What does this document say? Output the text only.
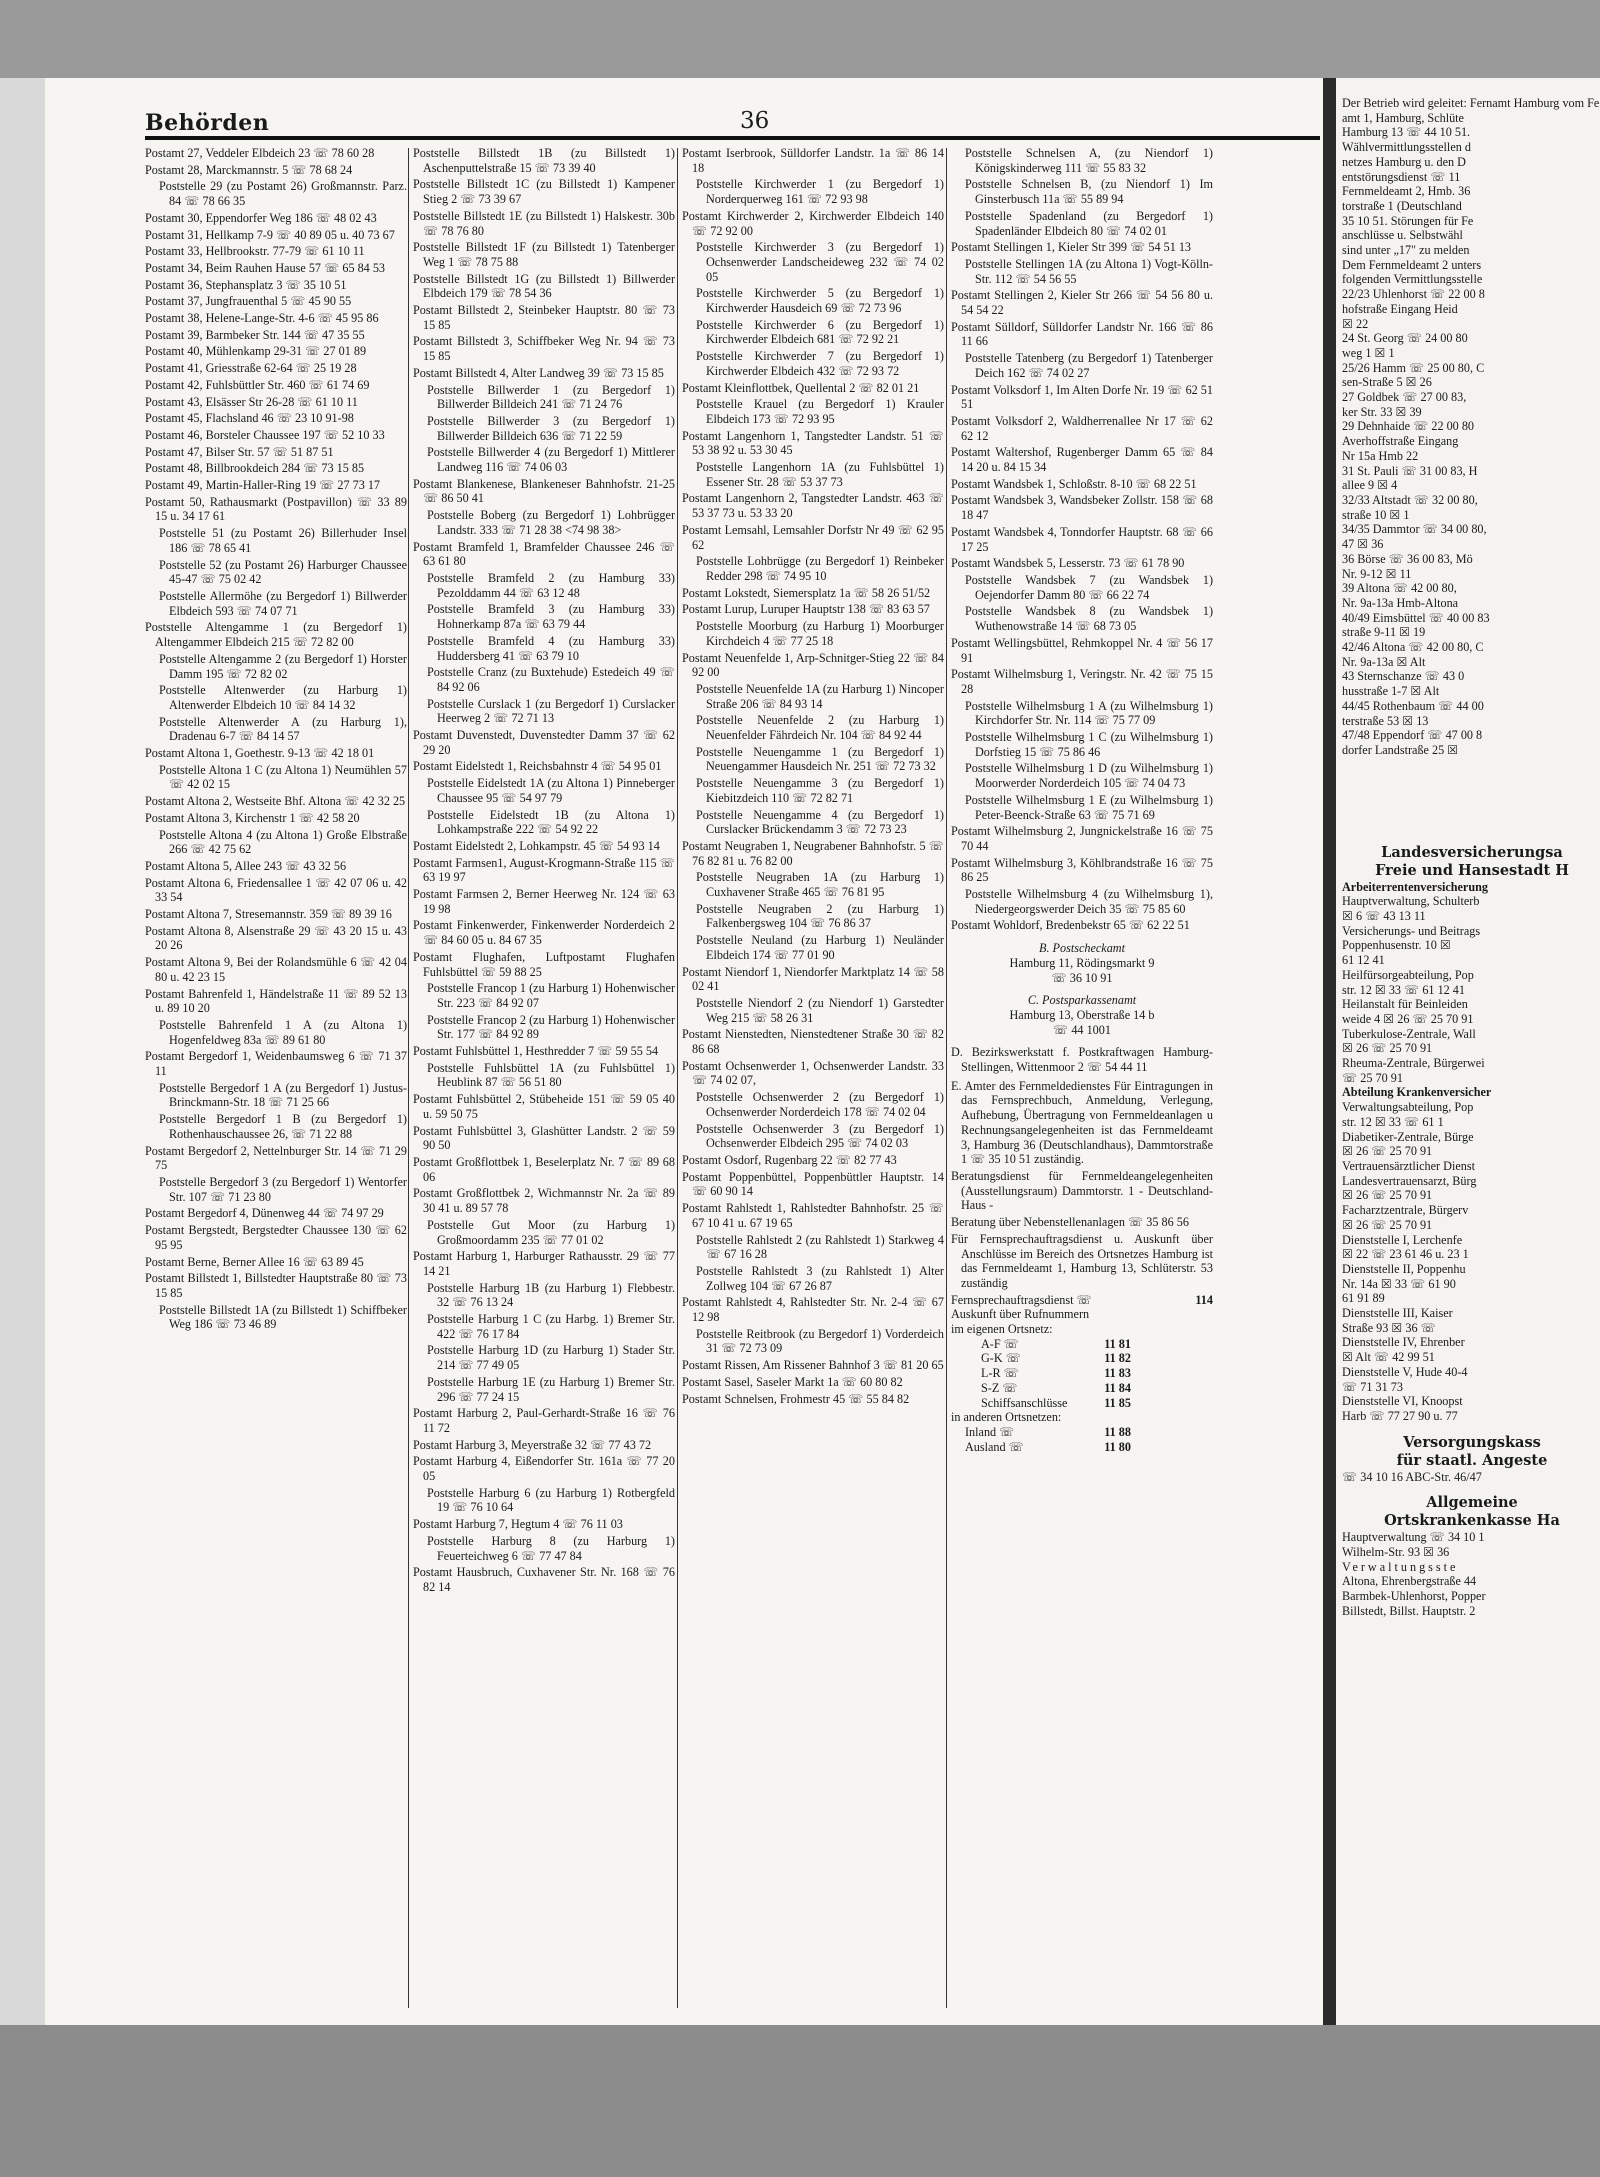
Behörden	36
Postamt 27, Veddeler Elbdeich 23 ☏ 78 60 28
Postamt 28, Marckmannstr. 5 ☏ 78 68 24
Poststelle 29 (zu Postamt 26) Großmannstr. Parz. 84 ☏ 78 66 35
Postamt 30, Eppendorfer Weg 186 ☏ 48 02 43
Postamt 31, Hellkamp 7-9 ☏ 40 89 05 u. 40 73 67
Postamt 33, Hellbrookstr. 77-79 ☏ 61 10 11
Postamt 34, Beim Rauhen Hause 57 ☏ 65 84 53
Postamt 36, Stephansplatz 3 ☏ 35 10 51
Postamt 37, Jungfrauenthal 5 ☏ 45 90 55
Postamt 38, Helene-Lange-Str. 4-6 ☏ 45 95 86
Postamt 39, Barmbeker Str. 144 ☏ 47 35 55
Postamt 40, Mühlenkamp 29-31 ☏ 27 01 89
Postamt 41, Griesstraße 62-64 ☏ 25 19 28
Postamt 42, Fuhlsbüttler Str. 460 ☏ 61 74 69
Postamt 43, Elsässer Str 26-28 ☏ 61 10 11
Postamt 45, Flachsland 46 ☏ 23 10 91-98
Postamt 46, Borsteler Chaussee 197 ☏ 52 10 33
Postamt 47, Bilser Str. 57 ☏ 51 87 51
Postamt 48, Billbrookdeich 284 ☏ 73 15 85
Postamt 49, Martin-Haller-Ring 19 ☏ 27 73 17
Postamt 50, Rathausmarkt (Postpavillon) ☏ 33 89 15 u. 34 17 61
Poststelle 51 (zu Postamt 26) Billerhuder Insel 186 ☏ 78 65 41
Poststelle 52 (zu Postamt 26) Harburger Chaussee 45-47 ☏ 75 02 42
Poststelle Allermöhe (zu Bergedorf 1) Billwerder Elbdeich 593 ☏ 74 07 71
Poststelle Altengamme 1 (zu Bergedorf 1) Altengammer Elbdeich 215 ☏ 72 82 00
Poststelle Altengamme 2 (zu Bergedorf 1) Horster Damm 195 ☏ 72 82 02
Poststelle Altenwerder (zu Harburg 1) Altenwerder Elbdeich 10 ☏ 84 14 32
Poststelle Altenwerder A (zu Harburg 1), Dradenau 6-7 ☏ 84 14 57
Postamt Altona 1, Goethestr. 9-13 ☏ 42 18 01
Poststelle Altona 1 C (zu Altona 1) Neumühlen 57 ☏ 42 02 15
Postamt Altona 2, Westseite Bhf. Altona ☏ 42 32 25
Postamt Altona 3, Kirchenstr 1 ☏ 42 58 20
Poststelle Altona 4 (zu Altona 1) Große Elbstraße 266 ☏ 42 75 62
Postamt Altona 5, Allee 243 ☏ 43 32 56
Postamt Altona 6, Friedensallee 1 ☏ 42 07 06 u. 42 33 54
Postamt Altona 7, Stresemannstr. 359 ☏ 89 39 16
Postamt Altona 8, Alsenstraße 29 ☏ 43 20 15 u. 43 20 26
Postamt Altona 9, Bei der Rolandsmühle 6 ☏ 42 04 80 u. 42 23 15
Postamt Bahrenfeld 1, Händelstraße 11 ☏ 89 52 13 u. 89 10 20
Poststelle Bahrenfeld 1 A (zu Altona 1) Hogenfeldweg 83a ☏ 89 61 80
Postamt Bergedorf 1, Weidenbaumsweg 6 ☏ 71 37 11
Poststelle Bergedorf 1 A (zu Bergedorf 1) Justus-Brinckmann-Str. 18 ☏ 71 25 66
Poststelle Bergedorf 1 B (zu Bergedorf 1) Rothenhauschaussee 26, ☏ 71 22 88
Postamt Bergedorf 2, Nettelnburger Str. 14 ☏ 71 29 75
Poststelle Bergedorf 3 (zu Bergedorf 1) Wentorfer Str. 107 ☏ 71 23 80
Postamt Bergedorf 4, Dünenweg 44 ☏ 74 97 29
Postamt Bergstedt, Bergstedter Chaussee 130 ☏ 62 95 95
Postamt Berne, Berner Allee 16 ☏ 63 89 45
Postamt Billstedt 1, Billstedter Hauptstraße 80 ☏ 73 15 85
Poststelle Billstedt 1A (zu Billstedt 1) Schiffbeker Weg 186 ☏ 73 46 89
Poststelle Billstedt 1B (zu Billstedt 1) Aschenputtelstraße 15 ☏ 73 39 40
Poststelle Billstedt 1C (zu Billstedt 1) Kampener Stieg 2 ☏ 73 39 67
Poststelle Billstedt 1E (zu Billstedt 1) Halskestr. 30b ☏ 78 76 80
Poststelle Billstedt 1F (zu Billstedt 1) Tatenberger Weg 1 ☏ 78 75 88
Poststelle Billstedt 1G (zu Billstedt 1) Billwerder Elbdeich 179 ☏ 78 54 36
Postamt Billstedt 2, Steinbeker Hauptstr. 80 ☏ 73 15 85
Postamt Billstedt 3, Schiffbeker Weg Nr. 94 ☏ 73 15 85
Postamt Billstedt 4, Alter Landweg 39 ☏ 73 15 85
Poststelle Billwerder 1 (zu Bergedorf 1) Billwerder Billdeich 241 ☏ 71 24 76
Poststelle Billwerder 3 (zu Bergedorf 1) Billwerder Billdeich 636 ☏ 71 22 59
Poststelle Billwerder 4 (zu Bergedorf 1) Mittlerer Landweg 116 ☏ 74 06 03
Postamt Blankenese, Blankeneser Bahnhofstr. 21-25 ☏ 86 50 41
Poststelle Boberg (zu Bergedorf 1) Lohbrügger Landstr. 333 ☏ 71 28 38 <74 98 38>
Postamt Bramfeld 1, Bramfelder Chaussee 246 ☏ 63 61 80
Poststelle Bramfeld 2 (zu Hamburg 33) Pezolddamm 44 ☏ 63 12 48
Poststelle Bramfeld 3 (zu Hamburg 33) Hohnerkamp 87a ☏ 63 79 44
Poststelle Bramfeld 4 (zu Hamburg 33) Huddersberg 41 ☏ 63 79 10
Poststelle Cranz (zu Buxtehude) Estedeich 49 ☏ 84 92 06
Poststelle Curslack 1 (zu Bergedorf 1) Curslacker Heerweg 2 ☏ 72 71 13
Postamt Duvenstedt, Duvenstedter Damm 37 ☏ 62 29 20
Postamt Eidelstedt 1, Reichsbahnstr 4 ☏ 54 95 01
Poststelle Eidelstedt 1A (zu Altona 1) Pinneberger Chaussee 95 ☏ 54 97 79
Poststelle Eidelstedt 1B (zu Altona 1) Lohkampstraße 222 ☏ 54 92 22
Postamt Eidelstedt 2, Lohkampstr. 45 ☏ 54 93 14
Postamt Farmsen1, August-Krogmann-Straße 115 ☏ 63 19 97
Postamt Farmsen 2, Berner Heerweg Nr. 124 ☏ 63 19 98
Postamt Finkenwerder, Finkenwerder Norderdeich 2 ☏ 84 60 05 u. 84 67 35
Postamt Flughafen, Luftpostamt Flughafen Fuhlsbüttel ☏ 59 88 25
Poststelle Francop 1 (zu Harburg 1) Hohenwischer Str. 223 ☏ 84 92 07
Poststelle Francop 2 (zu Harburg 1) Hohenwischer Str. 177 ☏ 84 92 89
Postamt Fuhlsbüttel 1, Hesthredder 7 ☏ 59 55 54
Poststelle Fuhlsbüttel 1A (zu Fuhlsbüttel 1) Heublink 87 ☏ 56 51 80
Postamt Fuhlsbüttel 2, Stübeheide 151 ☏ 59 05 40 u. 59 50 75
Postamt Fuhlsbüttel 3, Glashütter Landstr. 2 ☏ 59 90 50
Postamt Großflottbek 1, Beselerplatz Nr. 7 ☏ 89 68 06
Postamt Großflottbek 2, Wichmannstr Nr. 2a ☏ 89 30 41 u. 89 57 78
Poststelle Gut Moor (zu Harburg 1) Großmoordamm 235 ☏ 77 01 02
Postamt Harburg 1, Harburger Rathausstr. 29 ☏ 77 14 21
Poststelle Harburg 1B (zu Harburg 1) Flebbestr. 32 ☏ 76 13 24
Poststelle Harburg 1 C (zu Harbg. 1) Bremer Str. 422 ☏ 76 17 84
Poststelle Harburg 1D (zu Harburg 1) Stader Str. 214 ☏ 77 49 05
Poststelle Harburg 1E (zu Harburg 1) Bremer Str. 296 ☏ 77 24 15
Postamt Harburg 2, Paul-Gerhardt-Straße 16 ☏ 76 11 72
Postamt Harburg 3, Meyerstraße 32 ☏ 77 43 72
Postamt Harburg 4, Eißendorfer Str. 161a ☏ 77 20 05
Poststelle Harburg 6 (zu Harburg 1) Rotbergfeld 19 ☏ 76 10 64
Postamt Harburg 7, Hegtum 4 ☏ 76 11 03
Poststelle Harburg 8 (zu Harburg 1) Feuerteichweg 6 ☏ 77 47 84
Postamt Hausbruch, Cuxhavener Str. Nr. 168 ☏ 76 82 14
Postamt Iserbrook, Sülldorfer Landstr. 1a ☏ 86 14 18
Poststelle Kirchwerder 1 (zu Bergedorf 1) Norderquerweg 161 ☏ 72 93 98
Postamt Kirchwerder 2, Kirchwerder Elbdeich 140 ☏ 72 92 00
Poststelle Kirchwerder 3 (zu Bergedorf 1) Ochsenwerder Landscheideweg 232 ☏ 74 02 05
Poststelle Kirchwerder 5 (zu Bergedorf 1) Kirchwerder Hausdeich 69 ☏ 72 73 96
Poststelle Kirchwerder 6 (zu Bergedorf 1) Kirchwerder Elbdeich 681 ☏ 72 92 21
Poststelle Kirchwerder 7 (zu Bergedorf 1) Kirchwerder Elbdeich 432 ☏ 72 93 72
Postamt Kleinflottbek, Quellental 2 ☏ 82 01 21
Poststelle Krauel (zu Bergedorf 1) Krauler Elbdeich 173 ☏ 72 93 95
Postamt Langenhorn 1, Tangstedter Landstr. 51 ☏ 53 38 92 u. 53 30 45
Poststelle Langenhorn 1A (zu Fuhlsbüttel 1) Essener Str. 28 ☏ 53 37 73
Postamt Langenhorn 2, Tangstedter Landstr. 463 ☏ 53 37 73 u. 53 33 20
Postamt Lemsahl, Lemsahler Dorfstr Nr 49 ☏ 62 95 62
Poststelle Lohbrügge (zu Bergedorf 1) Reinbeker Redder 298 ☏ 74 95 10
Postamt Lokstedt, Siemersplatz 1a ☏ 58 26 51/52
Postamt Lurup, Luruper Hauptstr 138 ☏ 83 63 57
Poststelle Moorburg (zu Harburg 1) Moorburger Kirchdeich 4 ☏ 77 25 18
Postamt Neuenfelde 1, Arp-Schnitger-Stieg 22 ☏ 84 92 00
Poststelle Neuenfelde 1A (zu Harburg 1) Nincoper Straße 206 ☏ 84 93 14
Poststelle Neuenfelde 2 (zu Harburg 1) Neuenfelder Fährdeich Nr. 104 ☏ 84 92 44
Poststelle Neuengamme 1 (zu Bergedorf 1) Neuengammer Hausdeich Nr. 251 ☏ 72 73 32
Poststelle Neuengamme 3 (zu Bergedorf 1) Kiebitzdeich 110 ☏ 72 82 71
Poststelle Neuengamme 4 (zu Bergedorf 1) Curslacker Brückendamm 3 ☏ 72 73 23
Postamt Neugraben 1, Neugrabener Bahnhofstr. 5 ☏ 76 82 81 u. 76 82 00
Poststelle Neugraben 1A (zu Harburg 1) Cuxhavener Straße 465 ☏ 76 81 95
Poststelle Neugraben 2 (zu Harburg 1) Falkenbergsweg 104 ☏ 76 86 37
Poststelle Neuland (zu Harburg 1) Neuländer Elbdeich 174 ☏ 77 01 90
Postamt Niendorf 1, Niendorfer Marktplatz 14 ☏ 58 02 41
Poststelle Niendorf 2 (zu Niendorf 1) Garstedter Weg 215 ☏ 58 26 31
Postamt Nienstedten, Nienstedtener Straße 30 ☏ 82 86 68
Postamt Ochsenwerder 1, Ochsenwerder Landstr. 33 ☏ 74 02 07,
Poststelle Ochsenwerder 2 (zu Bergedorf 1) Ochsenwerder Norderdeich 178 ☏ 74 02 04
Poststelle Ochsenwerder 3 (zu Bergedorf 1) Ochsenwerder Elbdeich 295 ☏ 74 02 03
Postamt Osdorf, Rugenbarg 22 ☏ 82 77 43
Postamt Poppenbüttel, Poppenbüttler Hauptstr. 14 ☏ 60 90 14
Postamt Rahlstedt 1, Rahlstedter Bahnhofstr. 25 ☏ 67 10 41 u. 67 19 65
Poststelle Rahlstedt 2 (zu Rahlstedt 1) Starkweg 4 ☏ 67 16 28
Poststelle Rahlstedt 3 (zu Rahlstedt 1) Alter Zollweg 104 ☏ 67 26 87
Postamt Rahlstedt 4, Rahlstedter Str. Nr. 2-4 ☏ 67 12 98
Poststelle Reitbrook (zu Bergedorf 1) Vorderdeich 31 ☏ 72 73 09
Postamt Rissen, Am Rissener Bahnhof 3 ☏ 81 20 65
Postamt Sasel, Saseler Markt 1a ☏ 60 80 82
Postamt Schnelsen, Frohmestr 45 ☏ 55 84 82
Poststelle Schnelsen A, (zu Niendorf 1) Königskinderweg 111 ☏ 55 83 32
Poststelle Schnelsen B, (zu Niendorf 1) Im Ginsterbusch 11a ☏ 55 89 94
Poststelle Spadenland (zu Bergedorf 1) Spadenländer Elbdeich 80 ☏ 74 02 01
Postamt Stellingen 1, Kieler Str 399 ☏ 54 51 13
Poststelle Stellingen 1A (zu Altona 1) Vogt-Kölln-Str. 112 ☏ 54 56 55
Postamt Stellingen 2, Kieler Str 266 ☏ 54 56 80 u. 54 54 22
Postamt Sülldorf, Sülldorfer Landstr Nr. 166 ☏ 86 11 66
Poststelle Tatenberg (zu Bergedorf 1) Tatenberger Deich 162 ☏ 74 02 27
Postamt Volksdorf 1, Im Alten Dorfe Nr. 19 ☏ 62 51 51
Postamt Volksdorf 2, Waldherrenallee Nr 17 ☏ 62 62 12
Postamt Waltershof, Rugenberger Damm 65 ☏ 84 14 20 u. 84 15 34
Postamt Wandsbek 1, Schloßstr. 8-10 ☏ 68 22 51
Postamt Wandsbek 3, Wandsbeker Zollstr. 158 ☏ 68 18 47
Postamt Wandsbek 4, Tonndorfer Hauptstr. 68 ☏ 66 17 25
Postamt Wandsbek 5, Lesserstr. 73 ☏ 61 78 90
Poststelle Wandsbek 7 (zu Wandsbek 1) Oejendorfer Damm 80 ☏ 66 22 74
Poststelle Wandsbek 8 (zu Wandsbek 1) Wuthenowstraße 14 ☏ 68 73 05
Postamt Wellingsbüttel, Rehmkoppel Nr. 4 ☏ 56 17 91
Postamt Wilhelmsburg 1, Veringstr. Nr. 42 ☏ 75 15 28
Poststelle Wilhelmsburg 1 A (zu Wilhelmsburg 1) Kirchdorfer Str. Nr. 114 ☏ 75 77 09
Poststelle Wilhelmsburg 1 C (zu Wilhelmsburg 1) Dorfstieg 15 ☏ 75 86 46
Poststelle Wilhelmsburg 1 D (zu Wilhelmsburg 1) Moorwerder Norderdeich 105 ☏ 74 04 73
Poststelle Wilhelmsburg 1 E (zu Wilhelmsburg 1) Peter-Beenck-Straße 63 ☏ 75 71 69
Postamt Wilhelmsburg 2, Jungnickelstraße 16 ☏ 75 70 44
Postamt Wilhelmsburg 3, Köhlbrandstraße 16 ☏ 75 86 25
Poststelle Wilhelmsburg 4 (zu Wilhelmsburg 1), Niedergeorgswerder Deich 35 ☏ 75 85 60
Postamt Wohldorf, Bredenbekstr 65 ☏ 62 22 51
B. Postscheckamt
Hamburg 11, Rödingsmarkt 9
☏ 36 10 91
C. Postsparkassenamt
Hamburg 13, Oberstraße 14 b
☏ 44 1001
D. Bezirkswerkstatt f. Postkraftwagen Hamburg-Stellingen, Wittenmoor 2 ☏ 54 44 11
E. Amter des Fernmeldedienstes Für Eintragungen in das Fernsprechbuch, Anmeldung, Verlegung, Aufhebung, Übertragung von Fernmeldeanlagen u Rechnungsangelegenheiten ist das Fernmeldeamt 3, Hamburg 36 (Deutschlandhaus), Dammtorstraße 1 ☏ 35 10 51 zuständig.
Beratungsdienst für Fernmeldeangelegenheiten (Ausstellungsraum) Dammtorstr. 1 - Deutschland-Haus -
Beratung über Nebenstellenanlagen ☏ 35 86 56
Für Fernsprechauftragsdienst u. Auskunft über Anschlüsse im Bereich des Ortsnetzes Hamburg ist das Fernmeldeamt 1, Hamburg 13, Schlüterstr. 53 zuständig
Fernsprechauftragsdienst ☏	114
Auskunft über Rufnummern
im eigenen Ortsnetz:
A-F ☏	11 81
G-K ☏	11 82
L-R ☏	11 83
S-Z ☏	11 84
Schiffsanschlüsse	11 85
in anderen Ortsnetzen:
Inland ☏	11 88
Ausland ☏	11 80
Der Betrieb wird geleitet: Fernamt Hamburg vom Fe
amt 1, Hamburg, Schlüte
Hamburg 13 ☏ 44 10 51.
Wählvermittlungsstellen d
netzes Hamburg u. den D
entstörungsdienst ☏ 11
Fernmeldeamt 2, Hmb. 36
torstraße 1 (Deutschland
35 10 51. Störungen für Fe
anschlüsse u. Selbstwähl
sind unter „17" zu melden
Dem Fernmeldeamt 2 unters
folgenden Vermittlungsstelle
22/23 Uhlenhorst ☏ 22 00 8
hofstraße Eingang Heid
☒ 22
24 St. Georg ☏ 24 00 80
weg 1 ☒ 1
25/26 Hamm ☏ 25 00 80, C
sen-Straße 5 ☒ 26
27 Goldbek ☏ 27 00 83,
ker Str. 33 ☒ 39
29 Dehnhaide ☏ 22 00 80
Averhoffstraße Eingang
Nr 15a Hmb 22
31 St. Pauli ☏ 31 00 83, H
allee 9 ☒ 4
32/33 Altstadt ☏ 32 00 80,
straße 10 ☒ 1
34/35 Dammtor ☏ 34 00 80,
47 ☒ 36
36 Börse ☏ 36 00 83, Mö
Nr. 9-12 ☒ 11
39 Altona ☏ 42 00 80,
Nr. 9a-13a Hmb-Altona
40/49 Eimsbüttel ☏ 40 00 83
straße 9-11 ☒ 19
42/46 Altona ☏ 42 00 80, C
Nr. 9a-13a ☒ Alt
43 Sternschanze ☏ 43 0
husstraße 1-7 ☒ Alt
44/45 Rothenbaum ☏ 44 00
terstraße 53 ☒ 13
47/48 Eppendorf ☏ 47 00 8
dorfer Landstraße 25 ☒
Landesversicherungsa
Freie und Hansestadt H
Arbeiterrentenversicherung
Hauptverwaltung, Schulterb
☒ 6 ☏ 43 13 11
Versicherungs- und Beitrags
Poppenhusenstr. 10 ☒
61 12 41
Heilfürsorgeabteilung, Pop
str. 12 ☒ 33 ☏ 61 12 41
Heilanstalt für Beinleiden
weide 4 ☒ 26 ☏ 25 70 91
Tuberkulose-Zentrale, Wall
☒ 26 ☏ 25 70 91
Rheuma-Zentrale, Bürgerwei
☏ 25 70 91
Abteilung Krankenversicher
Verwaltungsabteilung, Pop
str. 12 ☒ 33 ☏ 61 1
Diabetiker-Zentrale, Bürge
☒ 26 ☏ 25 70 91
Vertrauensärztlicher Dienst
Landesvertrauensarzt, Bürg
☒ 26 ☏ 25 70 91
Facharztzentrale, Bürgerv
☒ 26 ☏ 25 70 91
Dienststelle I, Lerchenfe
☒ 22 ☏ 23 61 46 u. 23 1
Dienststelle II, Poppenhu
Nr. 14a ☒ 33 ☏ 61 90
61 91 89
Dienststelle III, Kaiser
Straße 93 ☒ 36 ☏
Dienststelle IV, Ehrenber
☒ Alt ☏ 42 99 51
Dienststelle V, Hude 40-4
☏ 71 31 73
Dienststelle VI, Knoopst
Harb ☏ 77 27 90 u. 77
Versorgungskass
für staatl. Angeste
☏ 34 10 16 ABC-Str. 46/47
Allgemeine
Ortskrankenkasse Ha
Hauptverwaltung ☏ 34 10 1
Wilhelm-Str. 93 ☒ 36
Verwaltungsste
Altona, Ehrenbergstraße 44
Barmbek-Uhlenhorst, Popper
Billstedt, Billst. Hauptstr. 2
